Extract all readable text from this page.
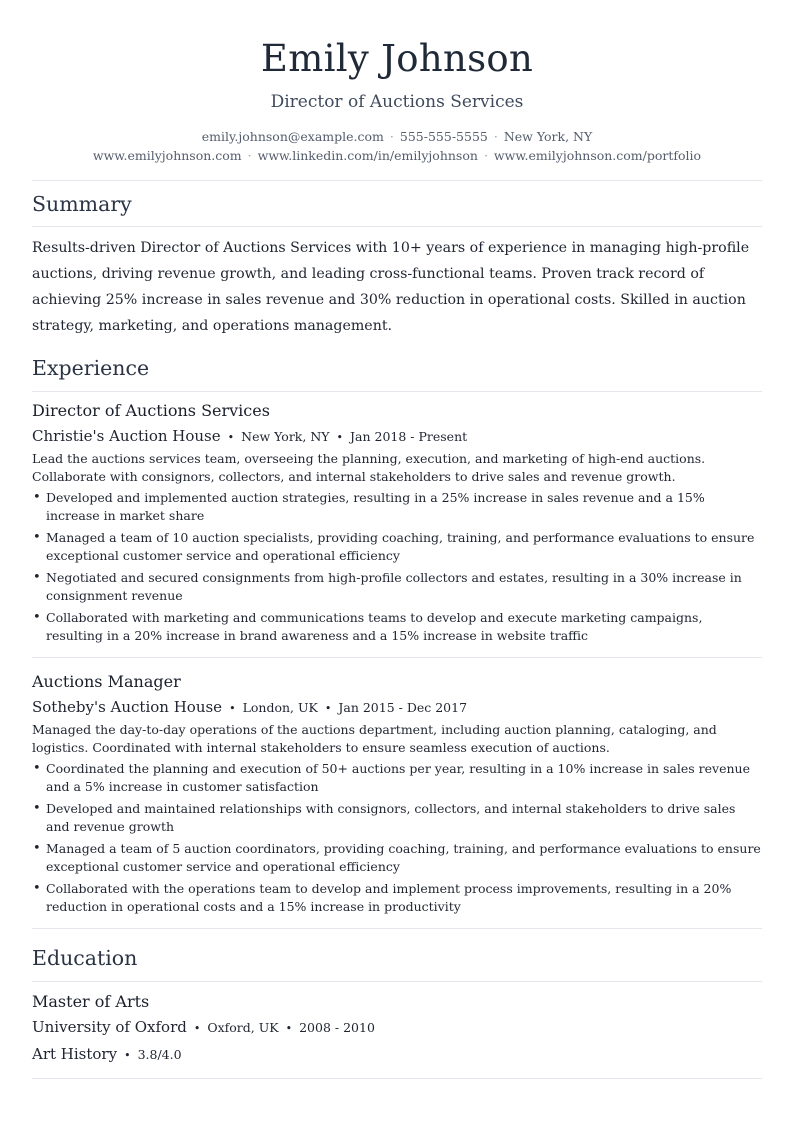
Emily Johnson
Director of Auctions Services
emily.johnson@example.com · 555-555-5555 · New York, NY
www.emilyjohnson.com · www.linkedin.com/in/emilyjohnson · www.emilyjohnson.com/portfolio
Summary

Results-driven Director of Auctions Services with 10+ years of experience in managing high-profile auctions, driving revenue growth, and leading cross-functional teams. Proven track record of achieving 25% increase in sales revenue and 30% reduction in operational costs. Skilled in auction strategy, marketing, and operations management.

Experience
Director of Auctions Services
Christie's Auction House • New York, NY • Jan 2018 - Present
Lead the auctions services team, overseeing the planning, execution, and marketing of high-end auctions. Collaborate with consignors, collectors, and internal stakeholders to drive sales and revenue growth.
• Developed and implemented auction strategies, resulting in a 25% increase in sales revenue and a 15% increase in market share
• Managed a team of 10 auction specialists, providing coaching, training, and performance evaluations to ensure exceptional customer service and operational efficiency
• Negotiated and secured consignments from high-profile collectors and estates, resulting in a 30% increase in consignment revenue
• Collaborated with marketing and communications teams to develop and execute marketing campaigns, resulting in a 20% increase in brand awareness and a 15% increase in website traffic
Auctions Manager
Sotheby's Auction House • London, UK • Jan 2015 - Dec 2017
Managed the day-to-day operations of the auctions department, including auction planning, cataloging, and logistics. Coordinated with internal stakeholders to ensure seamless execution of auctions.
• Coordinated the planning and execution of 50+ auctions per year, resulting in a 10% increase in sales revenue and a 5% increase in customer satisfaction
• Developed and maintained relationships with consignors, collectors, and internal stakeholders to drive sales and revenue growth
• Managed a team of 5 auction coordinators, providing coaching, training, and performance evaluations to ensure exceptional customer service and operational efficiency
• Collaborated with the operations team to develop and implement process improvements, resulting in a 20% reduction in operational costs and a 15% increase in productivity
Education
Master of Arts
University of Oxford • Oxford, UK • 2008 - 2010
Art History • 3.8/4.0
